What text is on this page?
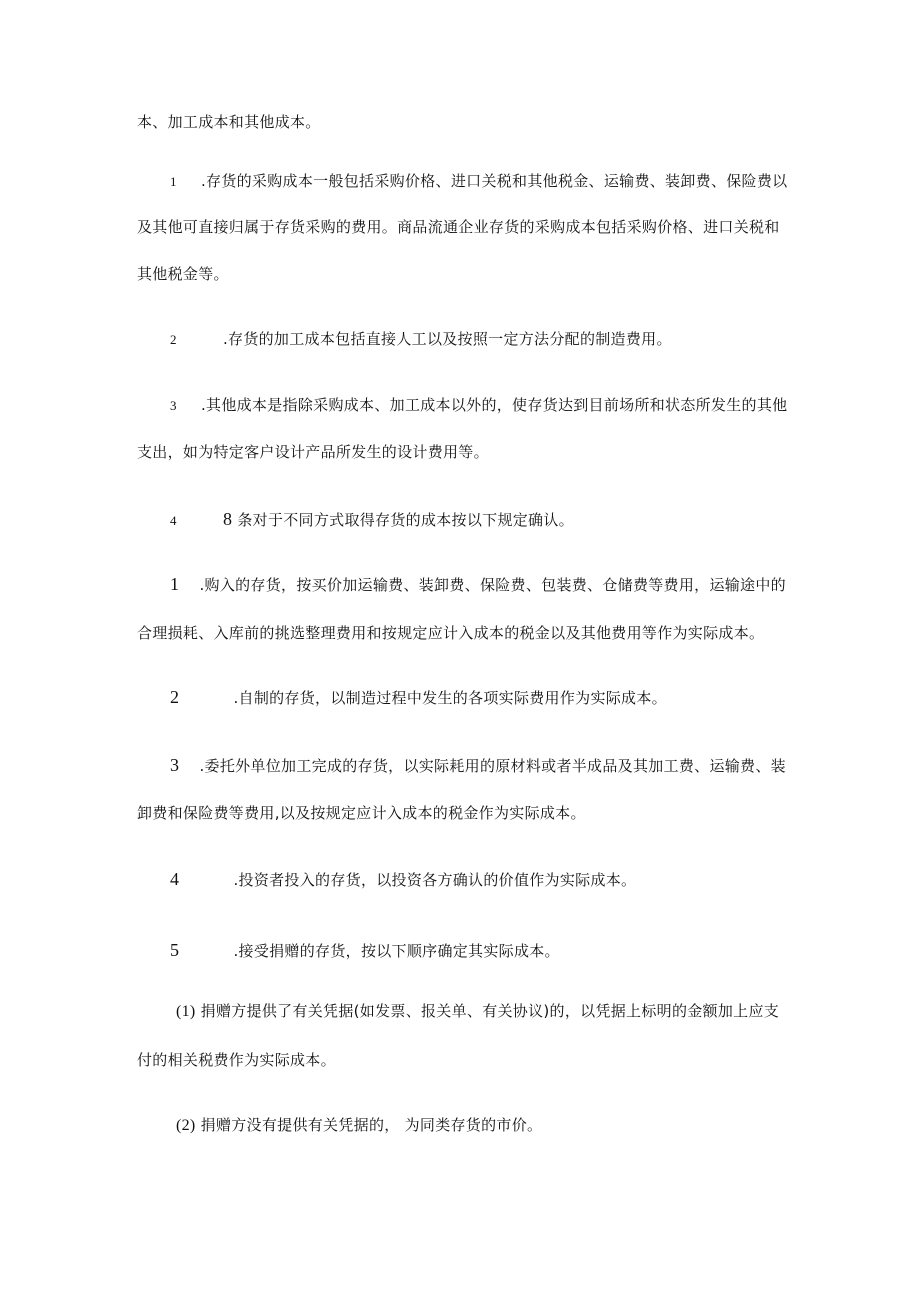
本、加工成本和其他成本。
1 .存货的采购成本一般包括采购价格、进口关税和其他税金、运输费、装卸费、保险费以
及其他可直接归属于存货采购的费用。商品流通企业存货的采购成本包括采购价格、进口关税和
其他税金等。
2	.存货的加工成本包括直接人工以及按照一定方法分配的制造费用。
3 .其他成本是指除采购成本、加工成本以外的，使存货达到目前场所和状态所发生的其他
支出，如为特定客户设计产品所发生的设计费用等。
4	8 条对于不同方式取得存货的成本按以下规定确认。
1 .购入的存货，按买价加运输费、装卸费、保险费、包装费、仓储费等费用，运输途中的
合理损耗、入库前的挑选整理费用和按规定应计入成本的税金以及其他费用等作为实际成本。
2	.自制的存货，以制造过程中发生的各项实际费用作为实际成本。
3 .委托外单位加工完成的存货，以实际耗用的原材料或者半成品及其加工费、运输费、装
卸费和保险费等费用,以及按规定应计入成本的税金作为实际成本。
4	.投资者投入的存货，以投资各方确认的价值作为实际成本。
5	.接受捐赠的存货，按以下顺序确定其实际成本。
(1) 捐赠方提供了有关凭据(如发票、报关单、有关协议)的，以凭据上标明的金额加上应支
付的相关税费作为实际成本。
(2) 捐赠方没有提供有关凭据的， 为同类存货的市价。
